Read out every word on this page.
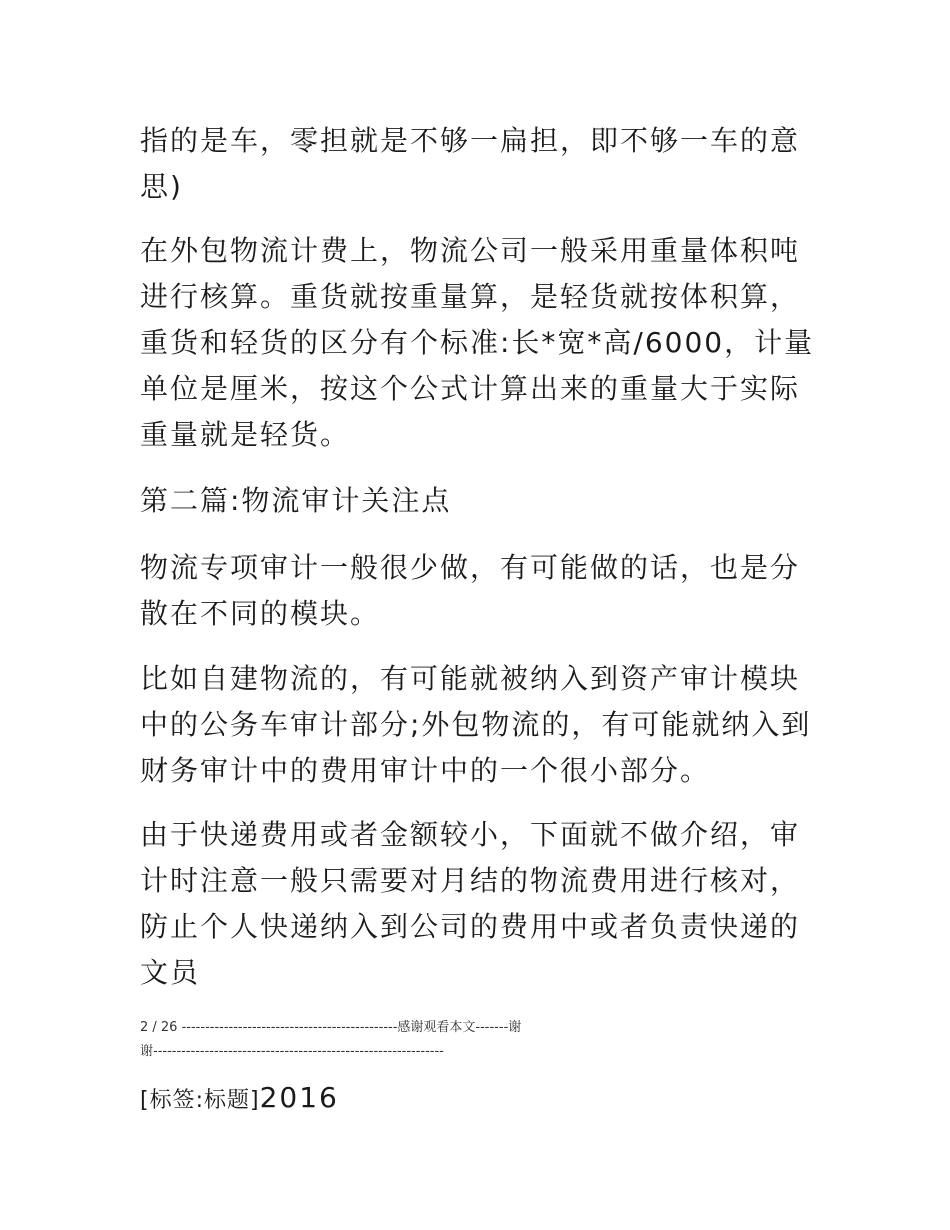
指的是车，零担就是不够一扁担，即不够一车的意思)

在外包物流计费上，物流公司一般采用重量体积吨进行核算。重货就按重量算，是轻货就按体积算，重货和轻货的区分有个标准:长*宽*高/6000，计量单位是厘米，按这个公式计算出来的重量大于实际重量就是轻货。

第二篇:物流审计关注点

物流专项审计一般很少做，有可能做的话，也是分散在不同的模块。

比如自建物流的，有可能就被纳入到资产审计模块中的公务车审计部分;外包物流的，有可能就纳入到财务审计中的费用审计中的一个很小部分。

由于快递费用或者金额较小，下面就不做介绍，审计时注意一般只需要对月结的物流费用进行核对，防止个人快递纳入到公司的费用中或者负责快递的文员

2 / 26 ----------------------------------------------感谢观看本文-------谢
谢--------------------------------------------------------------
[标签:标题]2016
